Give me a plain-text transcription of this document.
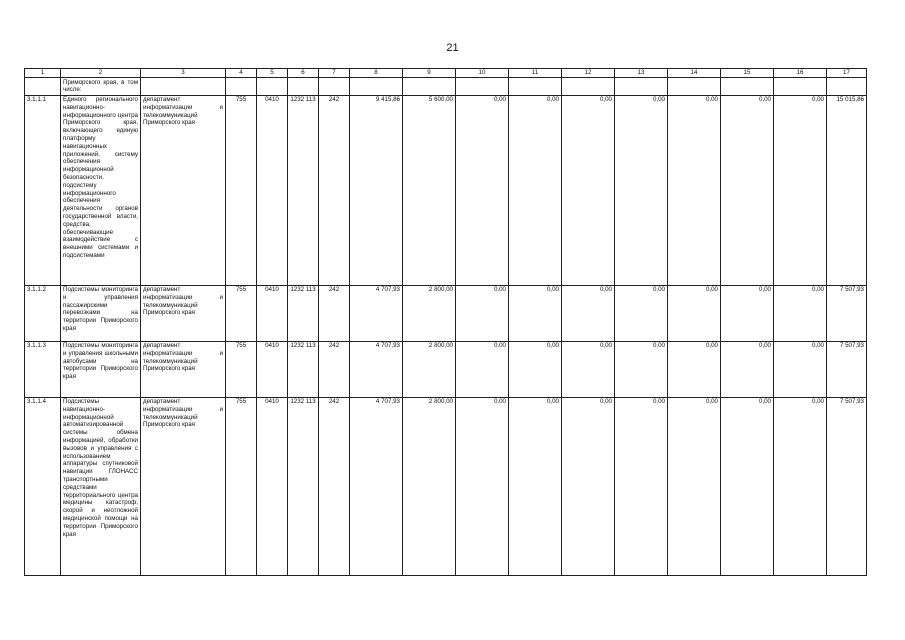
21
1	2	3	4	5	6	7	8	9	10	11	12	13	14	15	16	17
	Приморского края, в том числе:															
3.1.1.1	Единого регионального навигационно-информационного центра Приморского края, включающего единую платформу навигационных приложений, систему обеспечения информационной безопасности, подсистему информационного обеспечения деятельности органов государственной власти, средства, обеспечивающие взаимодействие с внешними системами и подсистемами	департамент информатизации и телекоммуникаций Приморского края	755	0410	1232 113	242	9 415,86	5 600,00	0,00	0,00	0,00	0,00	0,00	0,00	0,00	15 015,86
3.1.1.2	Подсистемы мониторинга и управления пассажирскими перевозками на территории Приморского края	департамент информатизации и телекоммуникаций Приморского края	755	0410	1232 113	242	4 707,93	2 800,00	0,00	0,00	0,00	0,00	0,00	0,00	0,00	7 507,93
3.1.1.3	Подсистемы мониторинга и управления школьными автобусами на территории Приморского края	департамент информатизации и телекоммуникаций Приморского края	755	0410	1232 113	242	4 707,93	2 800,00	0,00	0,00	0,00	0,00	0,00	0,00	0,00	7 507,93
3.1.1.4	Подсистемы навигационно-информационной автоматизированной системы обмена информацией, обработки вызовов и управления с использованием аппаратуры спутниковой навигации ГЛОНАСС транспортными средствами территориального центра медицины катастроф, скорой и неотложной медицинской помощи на территории Приморского края	департамент информатизации и телекоммуникаций Приморского края	755	0410	1232 113	242	4 707,93	2 800,00	0,00	0,00	0,00	0,00	0,00	0,00	0,00	7 507,93
